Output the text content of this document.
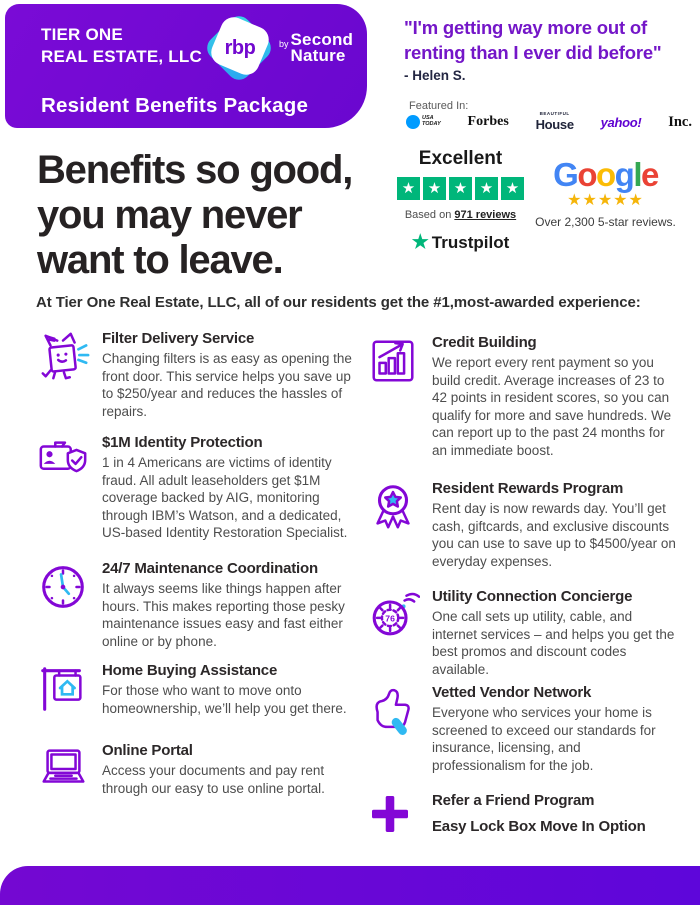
TIER ONE
REAL ESTATE, LLC	rbp	$^{by}$ Second
Nature
Resident Benefits Package
"I'm getting way more out of
renting than I ever did before"
- Helen S.
Featured In:
USA
TODAY Forbes
BEAUTIFUL
House yahoo! Inc.
Excellent
★ ★ ★ ★ ★
Based on 971 reviews
★ Trustpilot
Google
★★★★★
Over 2,300 5-star reviews.
Benefits so good,
you may never
want to leave.
At Tier One Real Estate, LLC, all of our residents get the #1,most-awarded experience:
Filter Delivery Service

Changing filters is as easy as opening the front door. This service helps you save up to $250/year and reduces the hassles of repairs.

$1M Identity Protection

1 in 4 Americans are victims of identity fraud. All adult leaseholders get $1M coverage backed by AIG, monitoring through IBM’s Watson, and a dedicated, US-based Identity Restoration Specialist.

24/7 Maintenance Coordination

It always seems like things happen after hours. This makes reporting those pesky maintenance issues easy and fast either online or by phone.

Home Buying Assistance

For those who want to move onto homeownership, we’ll help you get there.

Online Portal

Access your documents and pay rent through our easy to use online portal.

Credit Building

We report every rent payment so you build credit. Average increases of 23 to 42 points in resident scores, so you can qualify for more and save hundreds. We can report up to the past 24 months for an immediate boost.

Resident Rewards Program

Rent day is now rewards day. You’ll get cash, giftcards, and exclusive discounts you can use to save up to $4500/year on everyday expenses.

76
Utility Connection Concierge

One call sets up utility, cable, and internet services – and helps you get the best promos and discount codes available.

Vetted Vendor Network

Everyone who services your home is screened to exceed our standards for insurance, licensing, and professionalism for the job.

Refer a Friend Program
Easy Lock Box Move In Option
